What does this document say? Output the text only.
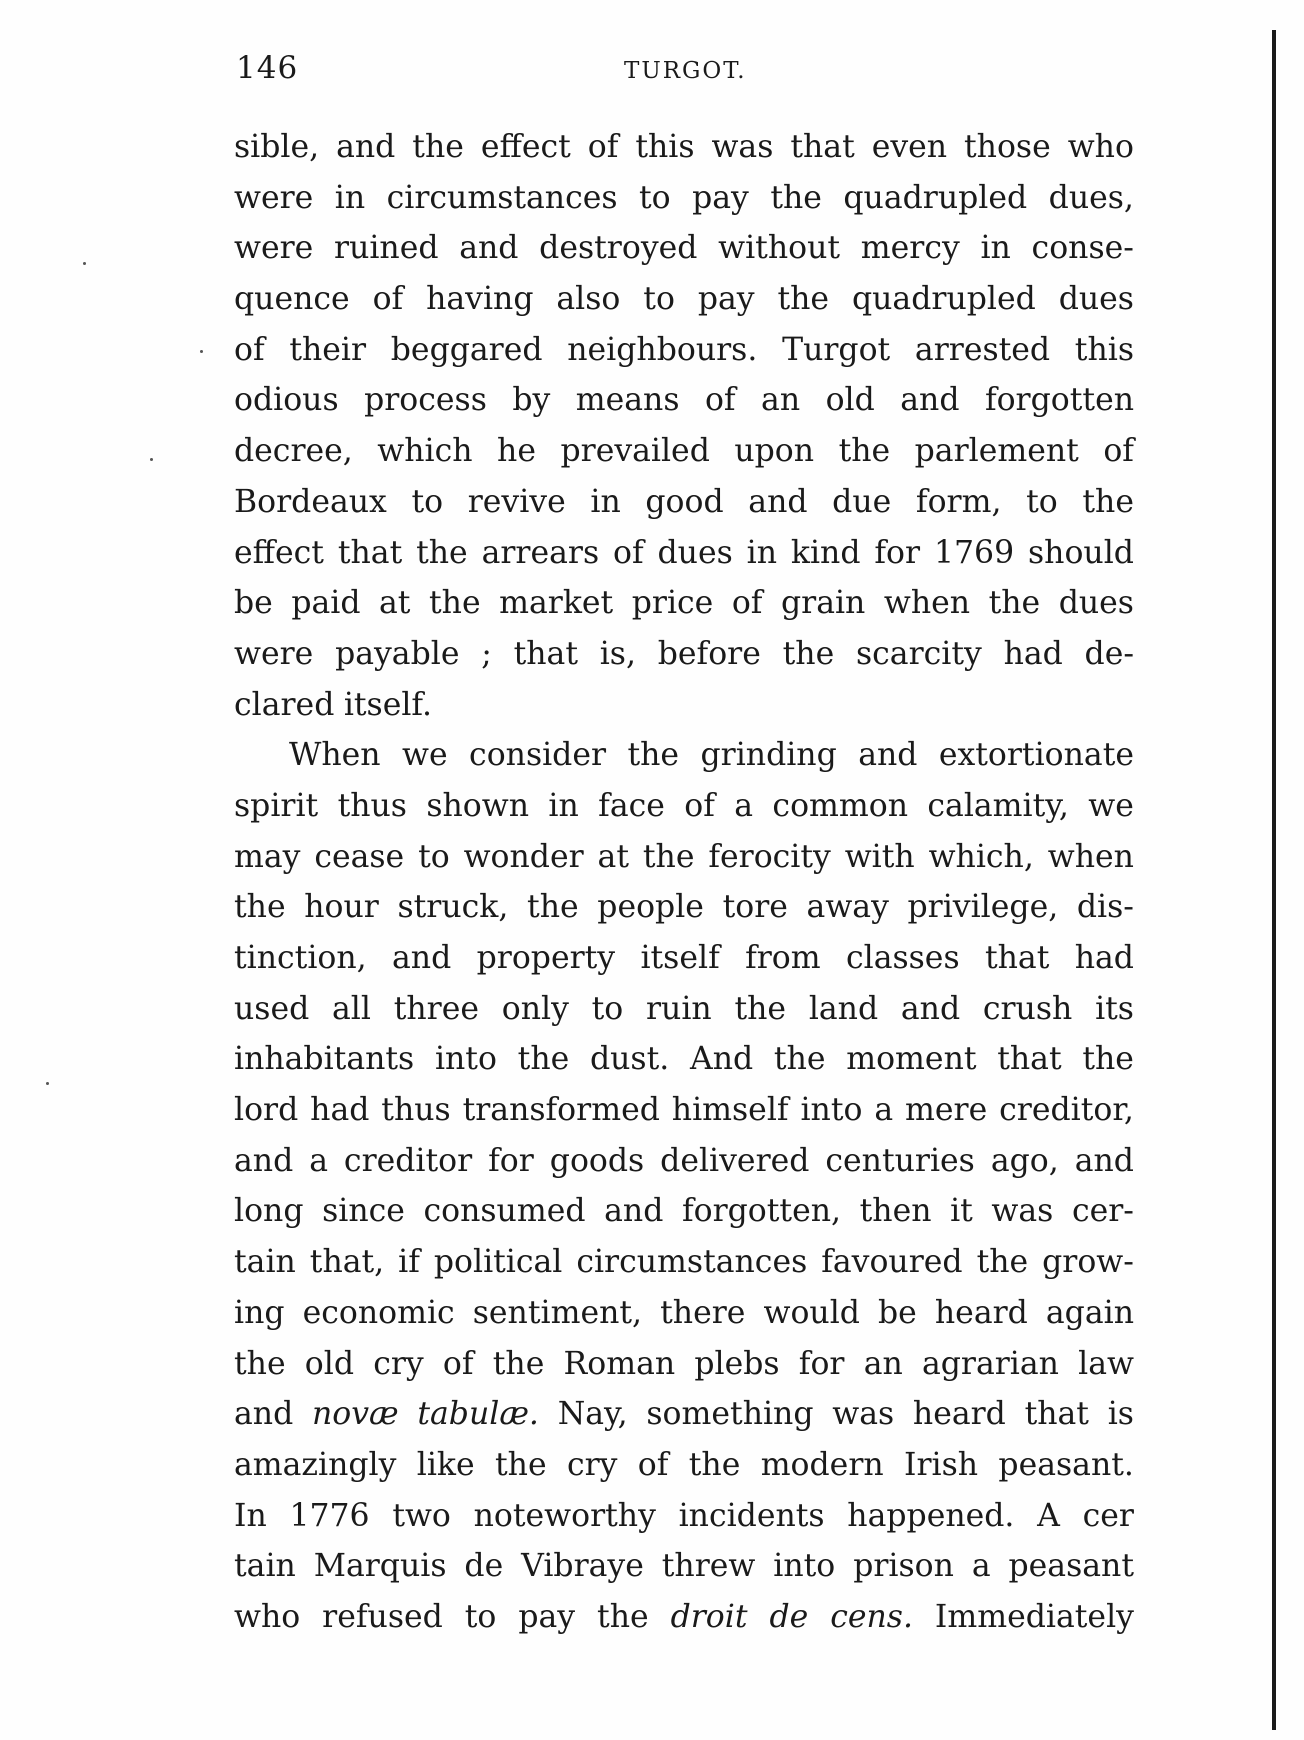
146	TURGOT.
sible, and the effect of this was that even those who
were in circumstances to pay the quadrupled dues,
were ruined and destroyed without mercy in conse-
quence of having also to pay the quadrupled dues
of their beggared neighbours. Turgot arrested this
odious process by means of an old and forgotten
decree, which he prevailed upon the parlement of
Bordeaux to revive in good and due form, to the
effect that the arrears of dues in kind for 1769 should
be paid at the market price of grain when the dues
were payable ; that is, before the scarcity had de-
clared itself.
When we consider the grinding and extortionate
spirit thus shown in face of a common calamity, we
may cease to wonder at the ferocity with which, when
the hour struck, the people tore away privilege, dis-
tinction, and property itself from classes that had
used all three only to ruin the land and crush its
inhabitants into the dust. And the moment that the
lord had thus transformed himself into a mere creditor,
and a creditor for goods delivered centuries ago, and
long since consumed and forgotten, then it was cer-
tain that, if political circumstances favoured the grow-
ing economic sentiment, there would be heard again
the old cry of the Roman plebs for an agrarian law
and novæ tabulæ. Nay, something was heard that is
amazingly like the cry of the modern Irish peasant.
In 1776 two noteworthy incidents happened. A cer
tain Marquis de Vibraye threw into prison a peasant
who refused to pay the droit de cens. Immediately
